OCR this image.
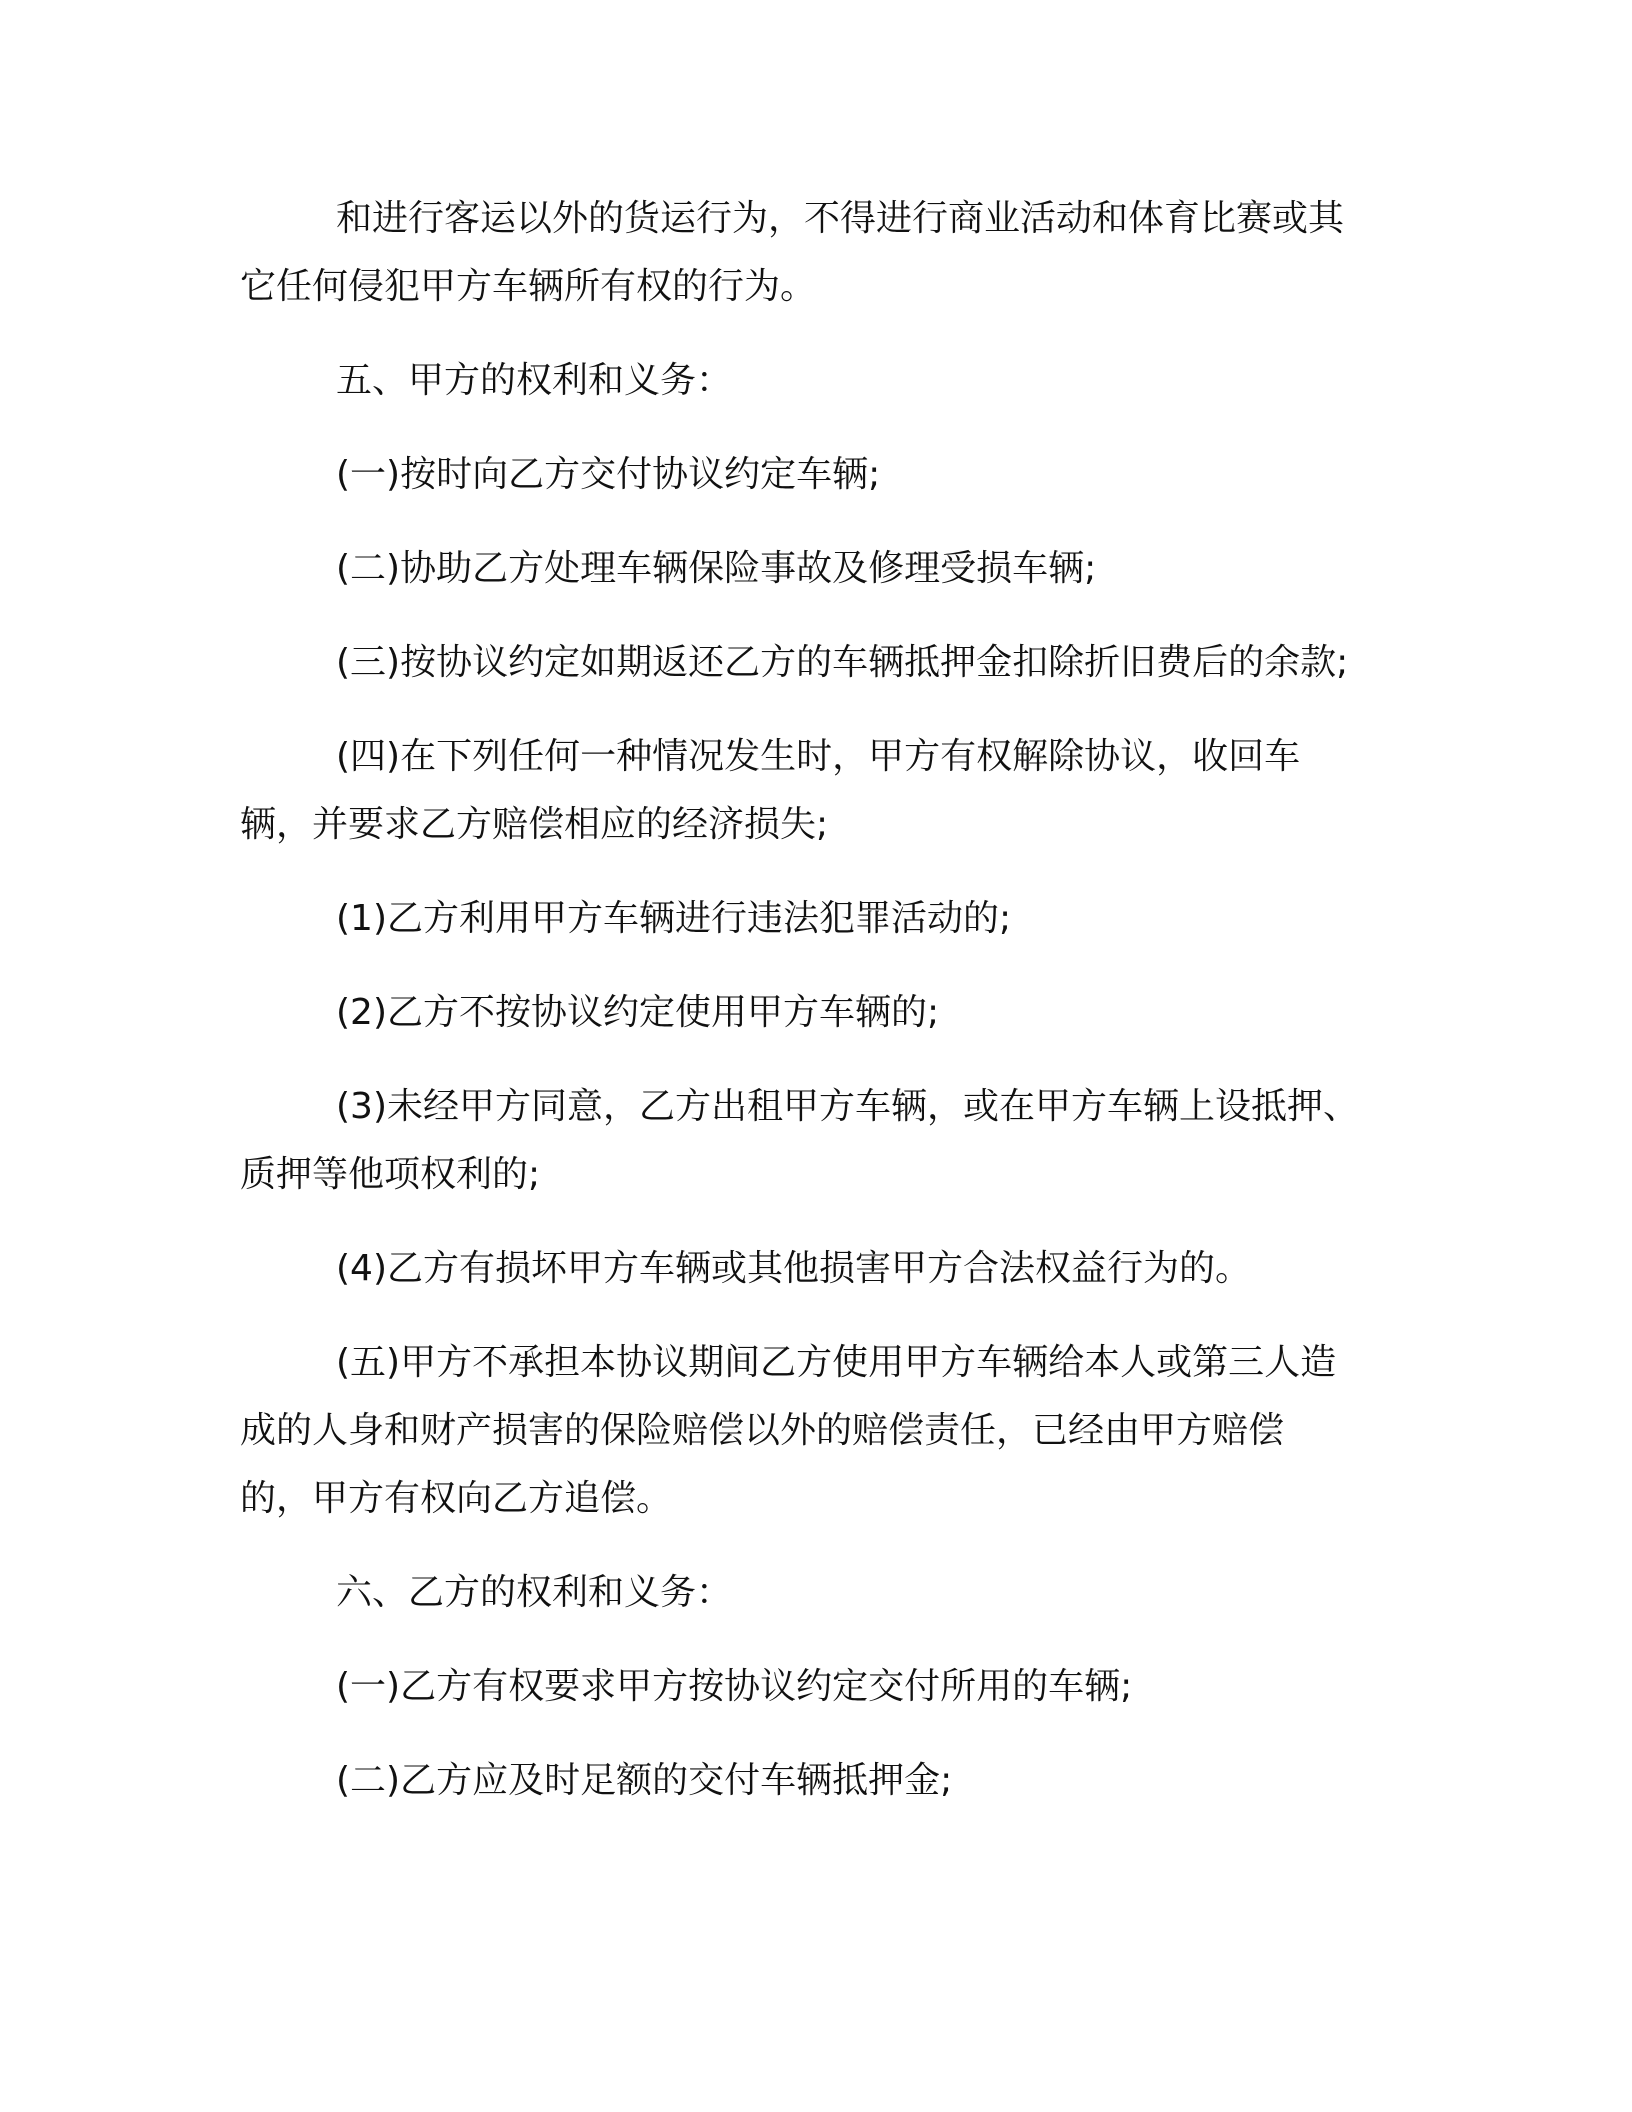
和进行客运以外的货运行为，不得进行商业活动和体育比赛或其
它任何侵犯甲方车辆所有权的行为。

五、甲方的权利和义务：

(一)按时向乙方交付协议约定车辆;

(二)协助乙方处理车辆保险事故及修理受损车辆;

(三)按协议约定如期返还乙方的车辆抵押金扣除折旧费后的余款;

(四)在下列任何一种情况发生时，甲方有权解除协议，收回车
辆，并要求乙方赔偿相应的经济损失;

(1)乙方利用甲方车辆进行违法犯罪活动的;

(2)乙方不按协议约定使用甲方车辆的;

(3)未经甲方同意，乙方出租甲方车辆，或在甲方车辆上设抵押、
质押等他项权利的;

(4)乙方有损坏甲方车辆或其他损害甲方合法权益行为的。

(五)甲方不承担本协议期间乙方使用甲方车辆给本人或第三人造
成的人身和财产损害的保险赔偿以外的赔偿责任，已经由甲方赔偿
的，甲方有权向乙方追偿。

六、乙方的权利和义务：

(一)乙方有权要求甲方按协议约定交付所用的车辆;

(二)乙方应及时足额的交付车辆抵押金;
